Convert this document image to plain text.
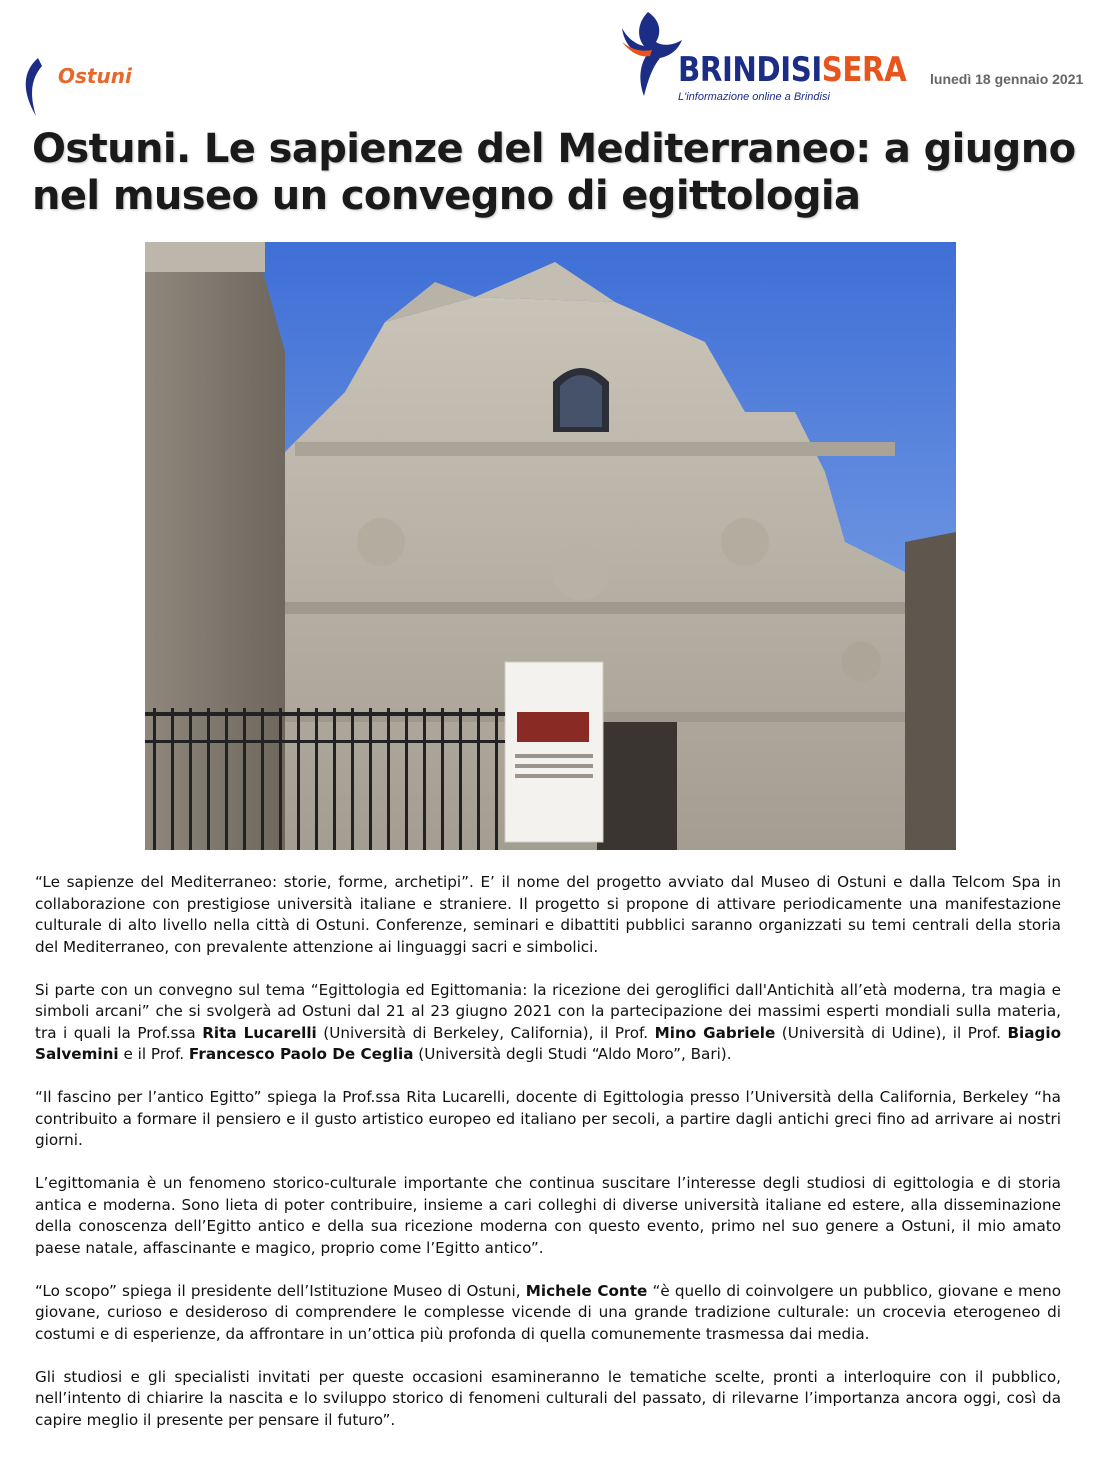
Ostuni	BRINDISISERA
L'informazione online a Brindisi
lunedì 18 gennaio 2021
Ostuni. Le sapienze del Mediterraneo: a giugno nel museo un convegno di egittologia

“Le sapienze del Mediterraneo: storie, forme, archetipi”. E’ il nome del progetto avviato dal Museo di Ostuni e dalla Telcom Spa in collaborazione con prestigiose università italiane e straniere. Il progetto si propone di attivare periodicamente una manifestazione culturale di alto livello nella città di Ostuni. Conferenze, seminari e dibattiti pubblici saranno organizzati su temi centrali della storia del Mediterraneo, con prevalente attenzione ai linguaggi sacri e simbolici.

Si parte con un convegno sul tema “Egittologia ed Egittomania: la ricezione dei geroglifici dall'Antichità all’età moderna, tra magia e simboli arcani” che si svolgerà ad Ostuni dal 21 al 23 giugno 2021 con la partecipazione dei massimi esperti mondiali sulla materia, tra i quali la Prof.ssa Rita Lucarelli (Università di Berkeley, California), il Prof. Mino Gabriele (Università di Udine), il Prof. Biagio Salvemini e il Prof. Francesco Paolo De Ceglia (Università degli Studi “Aldo Moro”, Bari).

“Il fascino per l’antico Egitto” spiega la Prof.ssa Rita Lucarelli, docente di Egittologia presso l’Università della California, Berkeley “ha contribuito a formare il pensiero e il gusto artistico europeo ed italiano per secoli, a partire dagli antichi greci fino ad arrivare ai nostri giorni.

L’egittomania è un fenomeno storico-culturale importante che continua suscitare l’interesse degli studiosi di egittologia e di storia antica e moderna. Sono lieta di poter contribuire, insieme a cari colleghi di diverse università italiane ed estere, alla disseminazione della conoscenza dell’Egitto antico e della sua ricezione moderna con questo evento, primo nel suo genere a Ostuni, il mio amato paese natale, affascinante e magico, proprio come l’Egitto antico”.

“Lo scopo” spiega il presidente dell’Istituzione Museo di Ostuni, Michele Conte “è quello di coinvolgere un pubblico, giovane e meno giovane, curioso e desideroso di comprendere le complesse vicende di una grande tradizione culturale: un crocevia eterogeneo di costumi e di esperienze, da affrontare in un’ottica più profonda di quella comunemente trasmessa dai media.

Gli studiosi e gli specialisti invitati per queste occasioni esamineranno le tematiche scelte, pronti a interloquire con il pubblico, nell’intento di chiarire la nascita e lo sviluppo storico di fenomeni culturali del passato, di rilevarne l’importanza ancora oggi, così da capire meglio il presente per pensare il futuro”.
